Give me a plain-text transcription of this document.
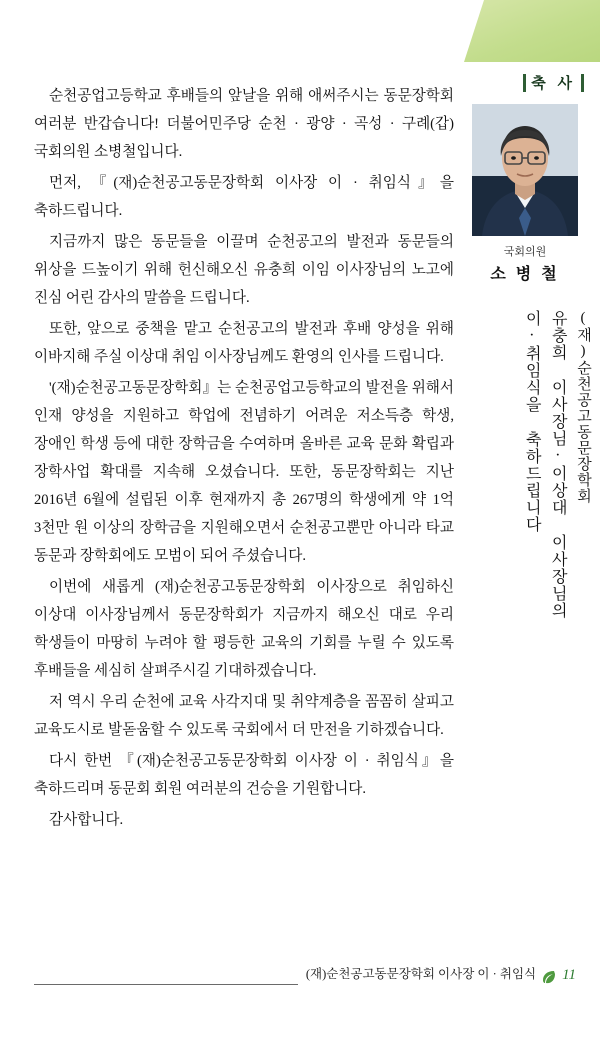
축 사
국회의원
소 병 철
(재)순천공고동문장학회
유충희 이사장님·이상대 이사장님의
이·취임식을 축하드립니다

순천공업고등학교 후배들의 앞날을 위해 애써주시는 동문장학회 여러분 반갑습니다! 더불어민주당 순천 · 광양 · 곡성 · 구례(갑) 국회의원 소병철입니다.

먼저, 『(재)순천공고동문장학회 이사장 이 · 취임식』을 축하드립니다.

지금까지 많은 동문들을 이끌며 순천공고의 발전과 동문들의 위상을 드높이기 위해 헌신해오신 유충희 이임 이사장님의 노고에 진심 어린 감사의 말씀을 드립니다.

또한, 앞으로 중책을 맡고 순천공고의 발전과 후배 양성을 위해 이바지해 주실 이상대 취임 이사장님께도 환영의 인사를 드립니다.

'(재)순천공고동문장학회』는 순천공업고등학교의 발전을 위해서 인재 양성을 지원하고 학업에 전념하기 어려운 저소득층 학생, 장애인 학생 등에 대한 장학금을 수여하며 올바른 교육 문화 확립과 장학사업 확대를 지속해 오셨습니다. 또한, 동문장학회는 지난 2016년 6월에 설립된 이후 현재까지 총 267명의 학생에게 약 1억 3천만 원 이상의 장학금을 지원해오면서 순천공고뿐만 아니라 타교 동문과 장학회에도 모범이 되어 주셨습니다.

이번에 새롭게 (재)순천공고동문장학회 이사장으로 취임하신 이상대 이사장님께서 동문장학회가 지금까지 해오신 대로 우리 학생들이 마땅히 누려야 할 평등한 교육의 기회를 누릴 수 있도록 후배들을 세심히 살펴주시길 기대하겠습니다.

저 역시 우리 순천에 교육 사각지대 및 취약계층을 꼼꼼히 살피고 교육도시로 발돋움할 수 있도록 국회에서 더 만전을 기하겠습니다.

다시 한번 『(재)순천공고동문장학회 이사장 이 · 취임식』을 축하드리며 동문회 회원 여러분의 건승을 기원합니다.

감사합니다.

(재)순천공고동문장학회 이사장 이 · 취임식 11
